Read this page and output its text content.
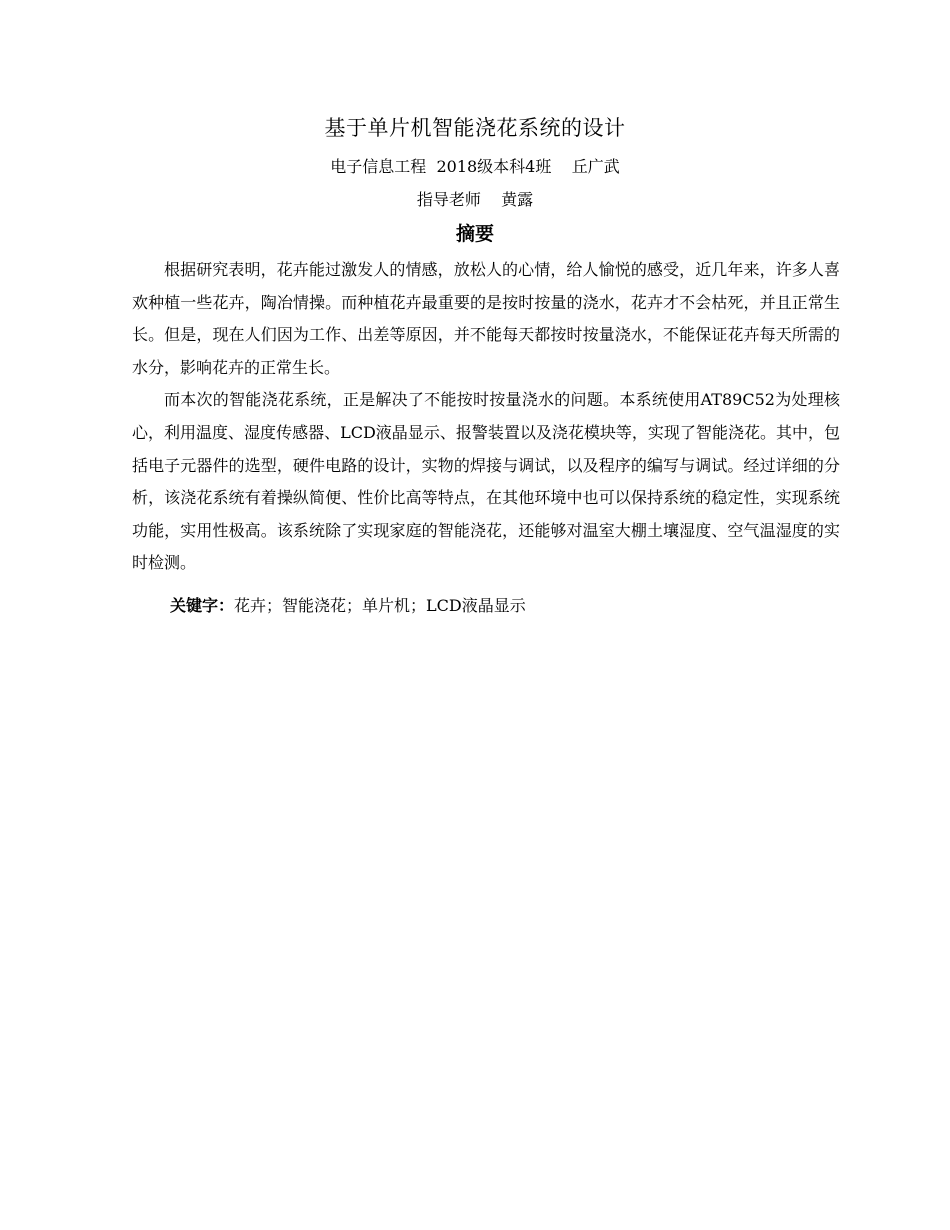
基于单片机智能浇花系统的设计
电子信息工程  2018级本科4班    丘广武
指导老师    黄露
摘要

根据研究表明，花卉能过激发人的情感，放松人的心情，给人愉悦的感受，近几年来，许多人喜欢种植一些花卉，陶冶情操。而种植花卉最重要的是按时按量的浇水，花卉才不会枯死，并且正常生长。但是，现在人们因为工作、出差等原因，并不能每天都按时按量浇水，不能保证花卉每天所需的水分，影响花卉的正常生长。

而本次的智能浇花系统，正是解决了不能按时按量浇水的问题。本系统使用AT89C52为处理核心，利用温度、湿度传感器、LCD液晶显示、报警装置以及浇花模块等，实现了智能浇花。其中，包括电子元器件的选型，硬件电路的设计，实物的焊接与调试，以及程序的编写与调试。经过详细的分析，该浇花系统有着操纵简便、性价比高等特点，在其他环境中也可以保持系统的稳定性，实现系统功能，实用性极高。该系统除了实现家庭的智能浇花，还能够对温室大棚土壤湿度、空气温湿度的实时检测。

关键字：花卉；智能浇花；单片机；LCD液晶显示
